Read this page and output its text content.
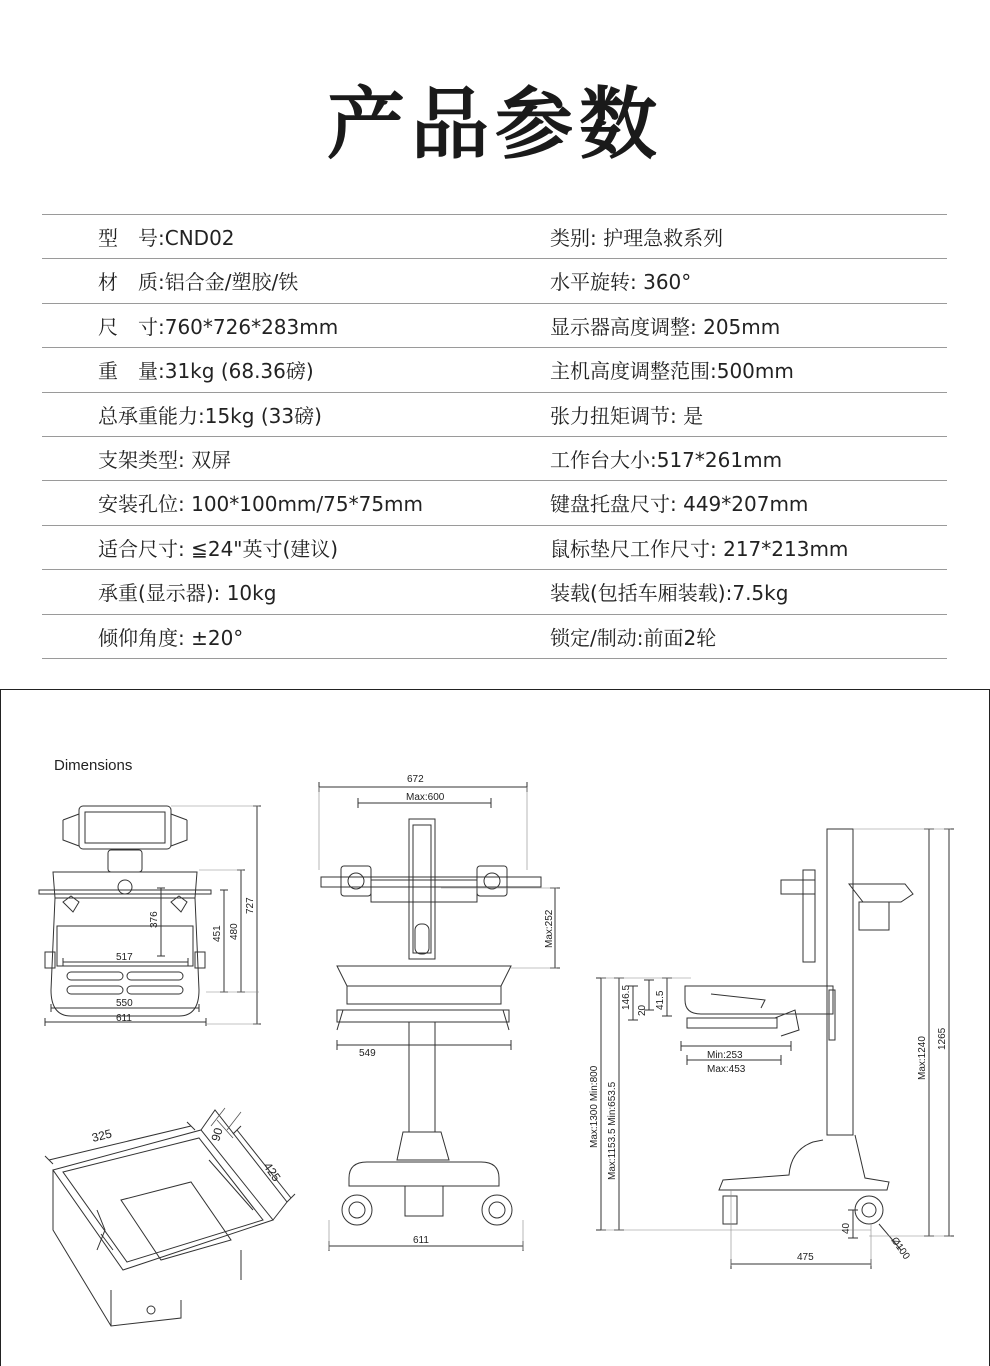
产品参数
型　号:CND02	类别: 护理急救系列
材　质:铝合金/塑胶/铁	水平旋转: 360°
尺　寸:760*726*283mm	显示器高度调整: 205mm
重　量:31kg (68.36磅)	主机高度调整范围:500mm
总承重能力:15kg (33磅)	张力扭矩调节: 是
支架类型: 双屏	工作台大小:517*261mm
安装孔位: 100*100mm/75*75mm	键盘托盘尺寸: 449*207mm
适合尺寸: ≦24"英寸(建议)	鼠标垫尺工作尺寸: 217*213mm
承重(显示器): 10kg	装载(包括车厢装载):7.5kg
倾仰角度: ±20°	锁定/制动:前面2轮
Dimensions
517
550
611
376
451 480
727
325	90
425
672
Max:600
Max:252
549
611
146.5
20
41.5
Min:253
Max:453
Max:1300 Min:800 Max:1153.5 Min:653.5
Max:1240 1265
40
475	Ø100
